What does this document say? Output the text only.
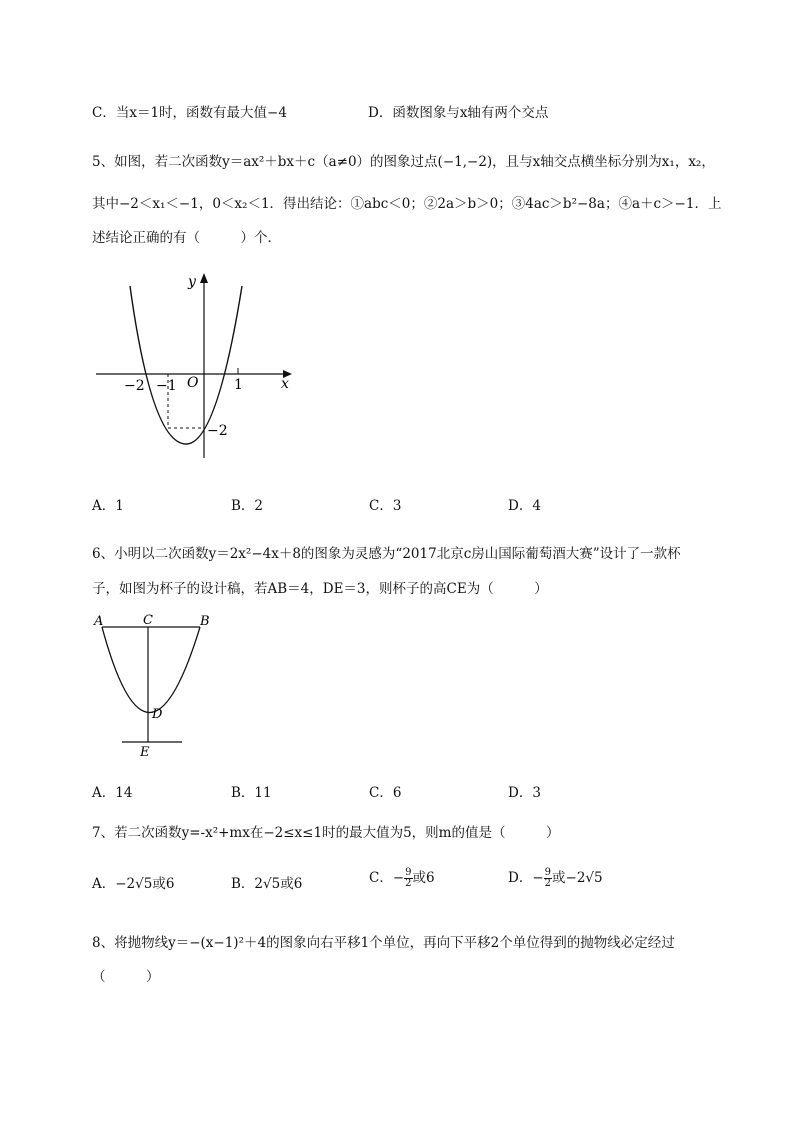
C．当x＝1时，函数有最大值−4	D．函数图象与x轴有两个交点
5、如图，若二次函数y＝ax²＋bx＋c（a≠0）的图象过点(−1,−2)，且与x轴交点横坐标分别为x₁，x₂，
其中−2＜x₁＜−1，0＜x₂＜1．得出结论：①abc＜0；②2a＞b＞0；③4ac＞b²−8a；④a＋c＞−1．上
述结论正确的有（　　　）个．
y
x
O
−2 −1	1
−2
A．1	B．2	C．3	D．4
6、小明以二次函数y＝2x²−4x＋8的图象为灵感为“2017北京c房山国际葡萄酒大赛”设计了一款杯
子，如图为杯子的设计稿，若AB＝4，DE＝3，则杯子的高CE为（　　　）
A	C	B
D
E
A．14	B．11	C．6	D．3
7、若二次函数y=-x²+mx在−2≤x≤1时的最大值为5，则m的值是（　　　）
A．−2√5或6	B．2√5或6	C．− $\frac{9}{2}$ 或6	D．− $\frac{9}{2}$ 或−2√5
8、将抛物线y＝−(x−1)²＋4的图象向右平移1个单位，再向下平移2个单位得到的抛物线必定经过
（　　　）
